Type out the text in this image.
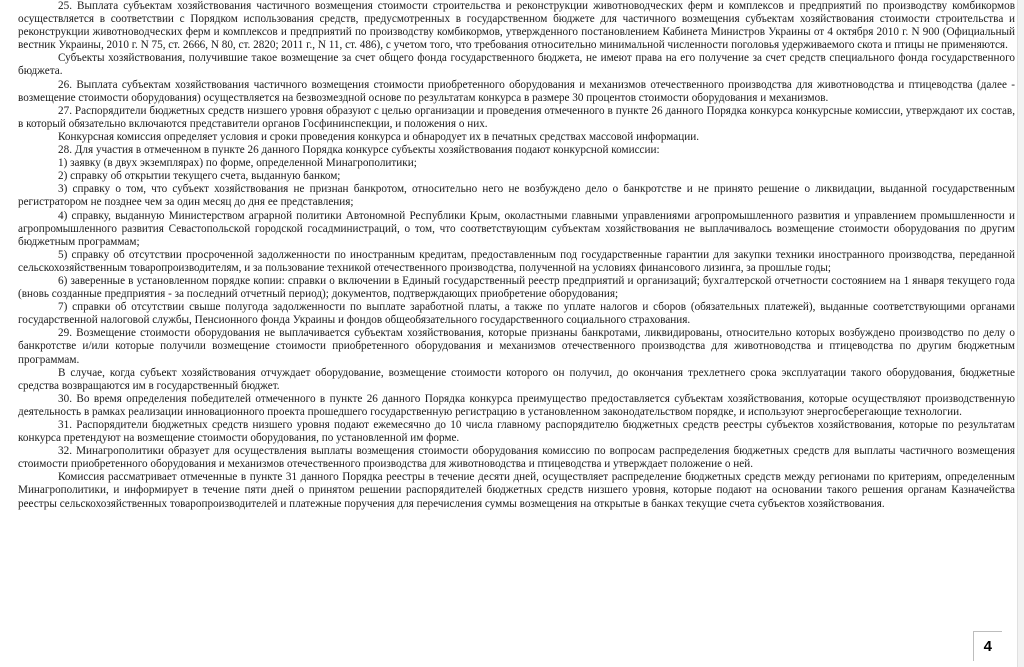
25. Выплата субъектам хозяйствования частичного возмещения стоимости строительства и реконструкции животноводческих ферм и комплексов и предприятий по производству комбикормов осуществляется в соответствии с Порядком использования средств, предусмотренных в государственном бюджете для частичного возмещения субъектам хозяйствования стоимости строительства и реконструкции животноводческих ферм и комплексов и предприятий по производству комбикормов, утвержденного постановлением Кабинета Министров Украины от 4 октября 2010 г. N 900 (Официальный вестник Украины, 2010 г. N 75, ст. 2666, N 80, ст. 2820; 2011 г., N 11, ст. 486), с учетом того, что требования относительно минимальной численности поголовья удерживаемого скота и птицы не применяются.

Субъекты хозяйствования, получившие такое возмещение за счет общего фонда государственного бюджета, не имеют права на его получение за счет средств специального фонда государственного бюджета.

26. Выплата субъектам хозяйствования частичного возмещения стоимости приобретенного оборудования и механизмов отечественного производства для животноводства и птицеводства (далее - возмещение стоимости оборудования) осуществляется на безвозмездной основе по результатам конкурса в размере 30 процентов стоимости оборудования и механизмов.

27. Распорядители бюджетных средств низшего уровня образуют с целью организации и проведения отмеченного в пункте 26 данного Порядка конкурса конкурсные комиссии, утверждают их состав, в который обязательно включаются представители органов Госфининспекции, и положения о них.

Конкурсная комиссия определяет условия и сроки проведения конкурса и обнародует их в печатных средствах массовой информации.

28. Для участия в отмеченном в пункте 26 данного Порядка конкурсе субъекты хозяйствования подают конкурсной комиссии:

1) заявку (в двух экземплярах) по форме, определенной Минагрополитики;

2) справку об открытии текущего счета, выданную банком;

3) справку о том, что субъект хозяйствования не признан банкротом, относительно него не возбуждено дело о банкротстве и не принято решение о ликвидации, выданной государственным регистратором не позднее чем за один месяц до дня ее представления;

4) справку, выданную Министерством аграрной политики Автономной Республики Крым, околастными главными управлениями агропромышленного развития и управлением промышленности и агропромышленного развития Севастопольской городской госадминистраций, о том, что соответствующим субъектам хозяйствования не выплачивалось возмещение стоимости оборудования по другим бюджетным программам;

5) справку об отсутствии просроченной задолженности по иностранным кредитам, предоставленным под государственные гарантии для закупки техники иностранного производства, переданной сельскохозяйственным товаропроизводителям, и за пользование техникой отечественного производства, полученной на условиях финансового лизинга, за прошлые годы;

6) заверенные в установленном порядке копии: справки о включении в Единый государственный реестр предприятий и организаций; бухгалтерской отчетности состоянием на 1 января текущего года (вновь созданные предприятия - за последний отчетный период); документов, подтверждающих приобретение оборудования;

7) справки об отсутствии свыше полугода задолженности по выплате заработной платы, а также по уплате налогов и сборов (обязательных платежей), выданные соответствующими органами государственной налоговой службы, Пенсионного фонда Украины и фондов общеобязательного государственного социального страхования.

29. Возмещение стоимости оборудования не выплачивается субъектам хозяйствования, которые признаны банкротами, ликвидированы, относительно которых возбуждено производство по делу о банкротстве и/или которые получили возмещение стоимости приобретенного оборудования и механизмов отечественного производства для животноводства и птицеводства по другим бюджетным программам.

В случае, когда субъект хозяйствования отчуждает оборудование, возмещение стоимости которого он получил, до окончания трехлетнего срока эксплуатации такого оборудования, бюджетные средства возвращаются им в государственный бюджет.

30. Во время определения победителей отмеченного в пункте 26 данного Порядка конкурса преимущество предоставляется субъектам хозяйствования, которые осуществляют производственную деятельность в рамках реализации инновационного проекта прошедшего государственную регистрацию в установленном законодательством порядке, и используют энергосберегающие технологии.

31. Распорядители бюджетных средств низшего уровня подают ежемесячно до 10 числа главному распорядителю бюджетных средств реестры субъектов хозяйствования, которые по результатам конкурса претендуют на возмещение стоимости оборудования, по установленной им форме.

32. Минагрополитики образует для осуществления выплаты возмещения стоимости оборудования комиссию по вопросам распределения бюджетных средств для выплаты частичного возмещения стоимости приобретенного оборудования и механизмов отечественного производства для животноводства и птицеводства и утверждает положение о ней.

Комиссия рассматривает отмеченные в пункте 31 данного Порядка реестры в течение десяти дней, осуществляет распределение бюджетных средств между регионами по критериям, определенным Минагрополитики, и информирует в течение пяти дней о принятом решении распорядителей бюджетных средств низшего уровня, которые подают на основании такого решения органам Казначейства реестры сельскохозяйственных товаропроизводителей и платежные поручения для перечисления суммы возмещения на открытые в банках текущие счета субъектов хозяйствования.

4
